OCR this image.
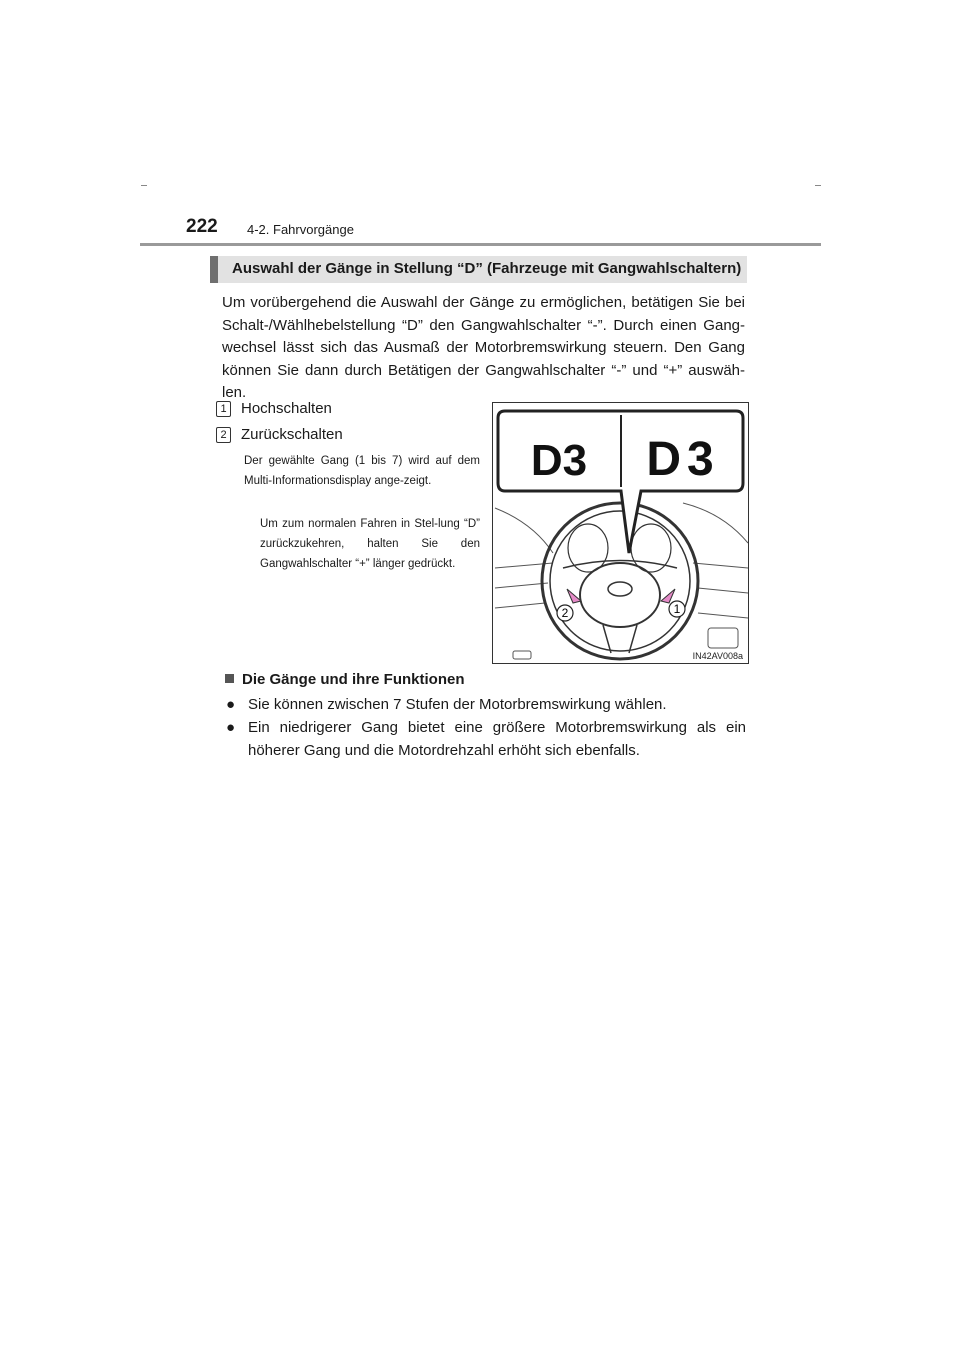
222 4-2. Fahrvorgänge
Auswahl der Gänge in Stellung “D” (Fahrzeuge mit Gangwahlschaltern)
Um vorübergehend die Auswahl der Gänge zu ermöglichen, betätigen Sie bei Schalt-/Wählhebelstellung “D” den Gangwahlschalter “-”. Durch einen Gang-wechsel lässt sich das Ausmaß der Motorbremswirkung steuern. Den Gang können Sie dann durch Betätigen der Gangwahlschalter “-” und “+” auswäh-len.
1 Hochschalten
2 Zurückschalten
Der gewählte Gang (1 bis 7) wird auf dem Multi-Informationsdisplay ange-zeigt.
Um zum normalen Fahren in Stel-lung “D” zurückzukehren, halten Sie den Gangwahlschalter “+” länger gedrückt.
D3 D3
2	1
IN42AV008a
Die Gänge und ihre Funktionen
● Sie können zwischen 7 Stufen der Motorbremswirkung wählen.
● Ein niedrigerer Gang bietet eine größere Motorbremswirkung als ein höherer Gang und die Motordrehzahl erhöht sich ebenfalls.
